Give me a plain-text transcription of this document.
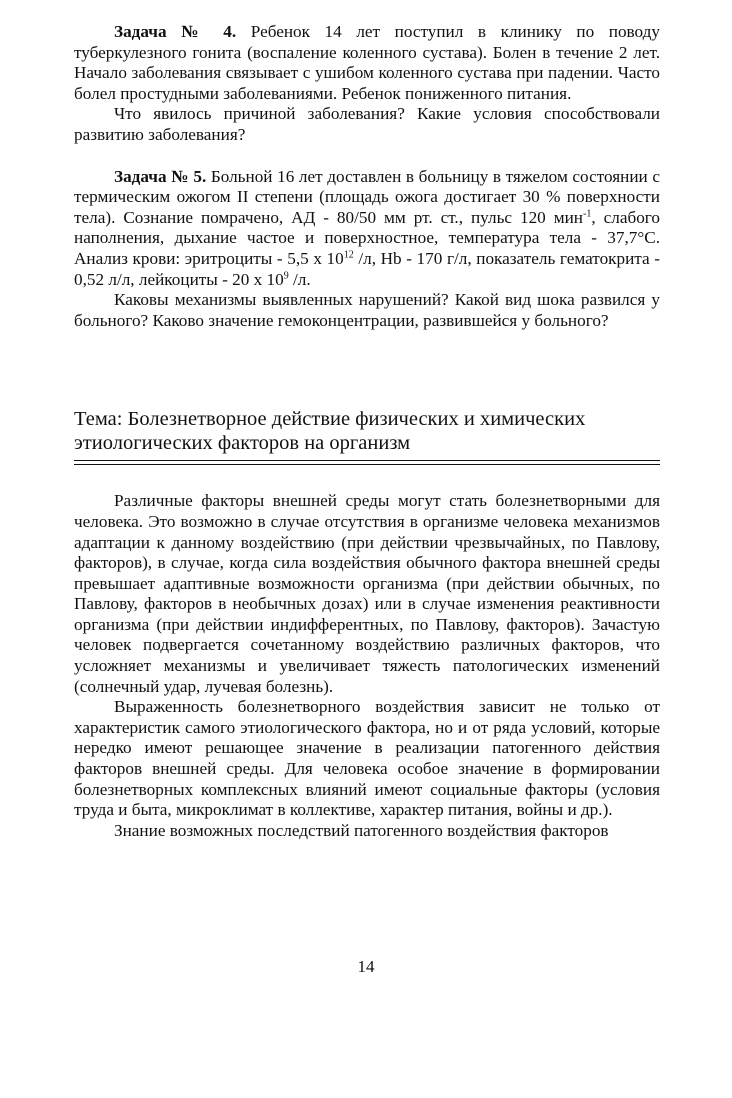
Задача № 4. Ребенок 14 лет поступил в клинику по поводу туберкулезного гонита (воспаление коленного сустава). Болен в течение 2 лет. Начало заболевания связывает с ушибом коленного сустава при падении. Часто болел простудными заболеваниями. Ребенок пониженного питания.

Что явилось причиной заболевания? Какие условия способствовали развитию заболевания?

Задача № 5. Больной 16 лет доставлен в больницу в тяжелом состоянии с термическим ожогом II степени (площадь ожога достигает 30 % поверхности тела). Сознание помрачено, АД - 80/50 мм рт. ст., пульс 120 мин$^{-1}$, слабого наполнения, дыхание частое и поверхностное, температура тела - 37,7°С. Анализ крови: эритроциты - 5,5 х $10^{12}$ /л, Hb - 170 г/л, показатель гематокрита - 0,52 л/л, лейкоциты - 20 х $10^9$ /л.

Каковы механизмы выявленных нарушений? Какой вид шока развился у больного? Каково значение гемоконцентрации, развившейся у больного?

Тема: Болезнетворное действие физических и химических
этиологических факторов на организм

Различные факторы внешней среды могут стать болезнетворными для человека. Это возможно в случае отсутствия в организме человека механизмов адаптации к данному воздействию (при действии чрезвычайных, по Павлову, факторов), в случае, когда сила воздействия обычного фактора внешней среды превышает адаптивные возможности организма (при действии обычных, по Павлову, факторов в необычных дозах) или в случае изменения реактивности организма (при действии индифферентных, по Павлову, факторов). Зачастую человек подвергается сочетанному воздействию различных факторов, что усложняет механизмы и увеличивает тяжесть патологических изменений (солнечный удар, лучевая болезнь).

Выраженность болезнетворного воздействия зависит не только от характеристик самого этиологического фактора, но и от ряда условий, которые нередко имеют решающее значение в реализации патогенного действия факторов внешней среды. Для человека особое значение в формировании болезнетворных комплексных влияний имеют социальные факторы (условия труда и быта, микроклимат в коллективе, характер питания, войны и др.).

Знание возможных последствий патогенного воздействия факторов

14
